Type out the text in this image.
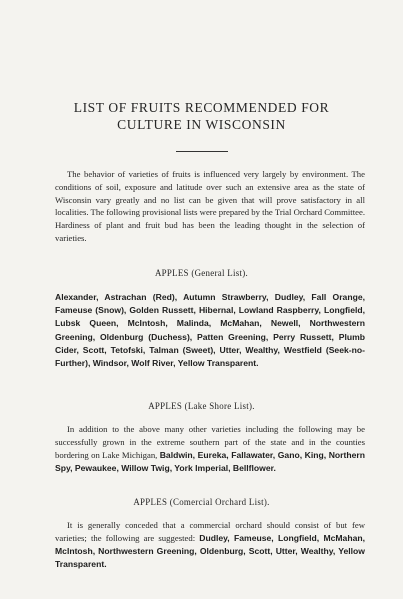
LIST OF FRUITS RECOMMENDED FOR
CULTURE IN WISCONSIN
The behavior of varieties of fruits is influenced very largely by environment. The conditions of soil, exposure and latitude over such an extensive area as the state of Wisconsin vary greatly and no list can be given that will prove satisfactory in all localities. The following provisional lists were prepared by the Trial Orchard Committee. Hardiness of plant and fruit bud has been the leading thought in the selection of varieties.
APPLES (General List).
Alexander, Astrachan (Red), Autumn Strawberry, Dudley, Fall Orange, Fameuse (Snow), Golden Russett, Hibernal, Lowland Raspberry, Longfield, Lubsk Queen, McIntosh, Malinda, McMahan, Newell, Northwestern Greening, Oldenburg (Duchess), Patten Greening, Perry Russett, Plumb Cider, Scott, Tetofski, Talman (Sweet), Utter, Wealthy, Westfield (Seek-no-Further), Windsor, Wolf River, Yellow Transparent.
APPLES (Lake Shore List).
In addition to the above many other varieties including the following may be successfully grown in the extreme southern part of the state and in the counties bordering on Lake Michigan, Baldwin, Eureka, Fallawater, Gano, King, Northern Spy, Pewaukee, Willow Twig, York Imperial, Bellflower.
APPLES (Comercial Orchard List).
It is generally conceded that a commercial orchard should consist of but few varieties; the following are suggested: Dudley, Fameuse, Longfield, McMahan, McIntosh, Northwestern Greening, Oldenburg, Scott, Utter, Wealthy, Yellow Transparent.
